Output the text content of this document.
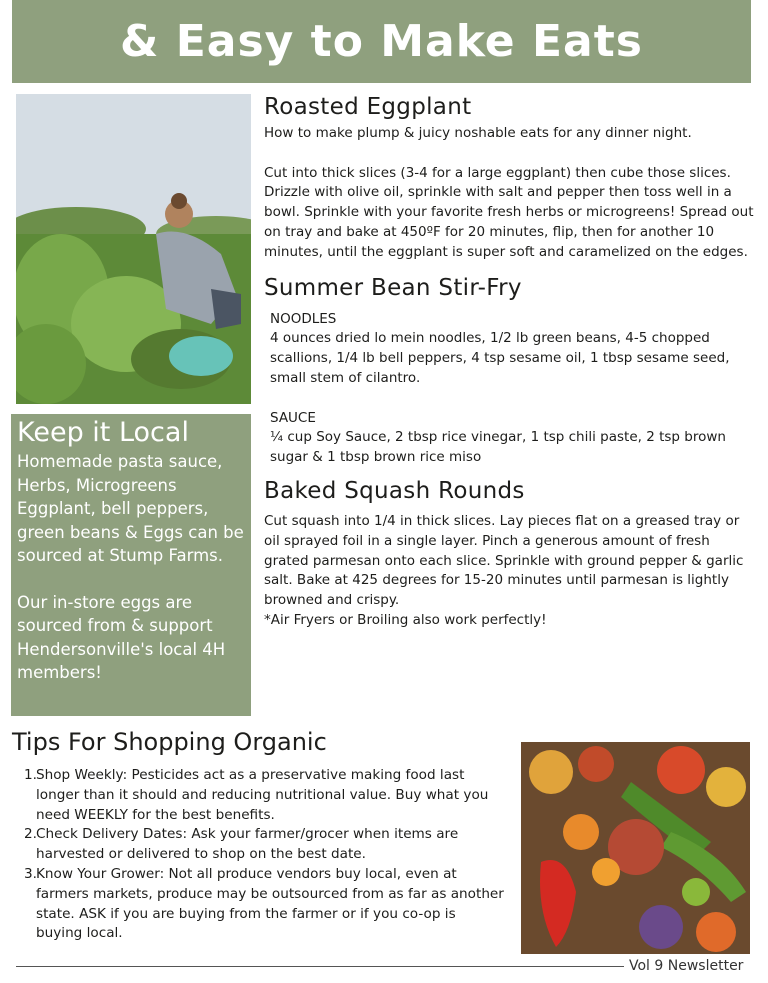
& Easy to Make Eats
Keep it Local

Homemade pasta sauce, Herbs, Microgreens Eggplant, bell peppers, green beans & Eggs can be sourced at Stump Farms.

Our in-store eggs are sourced from & support Hendersonville's local 4H members!

Roasted Eggplant

How to make plump & juicy noshable eats for any dinner night.

Cut into thick slices (3-4 for a large eggplant) then cube those slices. Drizzle with olive oil, sprinkle with salt and pepper then toss well in a bowl. Sprinkle with your favorite fresh herbs or microgreens! Spread out on tray and bake at 450ºF for 20 minutes, flip, then for another 10 minutes, until the eggplant is super soft and caramelized on the edges.

Summer Bean Stir-Fry

NOODLES

4 ounces dried lo mein noodles, 1/2 lb green beans, 4-5 chopped scallions, 1/4 lb bell peppers, 4 tsp sesame oil, 1 tbsp sesame seed, small stem of cilantro.

SAUCE

¼ cup Soy Sauce, 2 tbsp rice vinegar, 1 tsp chili paste, 2 tsp brown sugar & 1 tbsp brown rice miso

Baked Squash Rounds

Cut squash into 1/4 in thick slices. Lay pieces flat on a greased tray or oil sprayed foil in a single layer. Pinch a generous amount of fresh grated parmesan onto each slice. Sprinkle with ground pepper & garlic salt. Bake at 425 degrees for 15-20 minutes until parmesan is lightly browned and crispy.

*Air Fryers or Broiling also work perfectly!

Tips For Shopping Organic
1. Shop Weekly: Pesticides act as a preservative making food last longer than it should and reducing nutritional value. Buy what you need WEEKLY for the best benefits.
2. Check Delivery Dates: Ask your farmer/grocer when items are harvested or delivered to shop on the best date.
3. Know Your Grower: Not all produce vendors buy local, even at farmers markets, produce may be outsourced from as far as another state. ASK if you are buying from the farmer or if you co-op is buying local.
Vol 9 Newsletter
